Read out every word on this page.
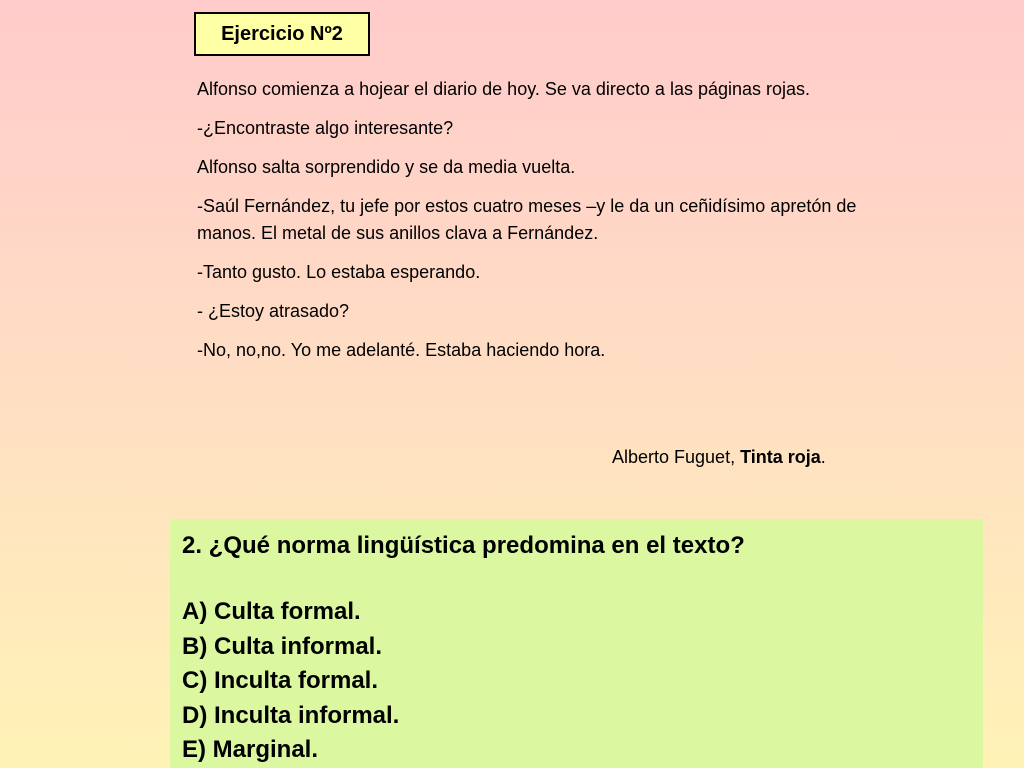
Ejercicio Nº2

Alfonso comienza a hojear el diario de hoy. Se va directo a las páginas rojas.

-¿Encontraste algo interesante?

Alfonso salta sorprendido y se da media vuelta.

-Saúl Fernández, tu jefe por estos cuatro meses –y le da un ceñidísimo apretón de manos. El metal de sus anillos clava a Fernández.

-Tanto gusto. Lo estaba esperando.

- ¿Estoy atrasado?

-No, no,no. Yo me adelanté. Estaba haciendo hora.

Alberto Fuguet, Tinta roja.

2. ¿Qué norma lingüística predomina en el texto?

A) Culta formal.

B) Culta informal.

C) Inculta formal.

D) Inculta informal.

E) Marginal.
